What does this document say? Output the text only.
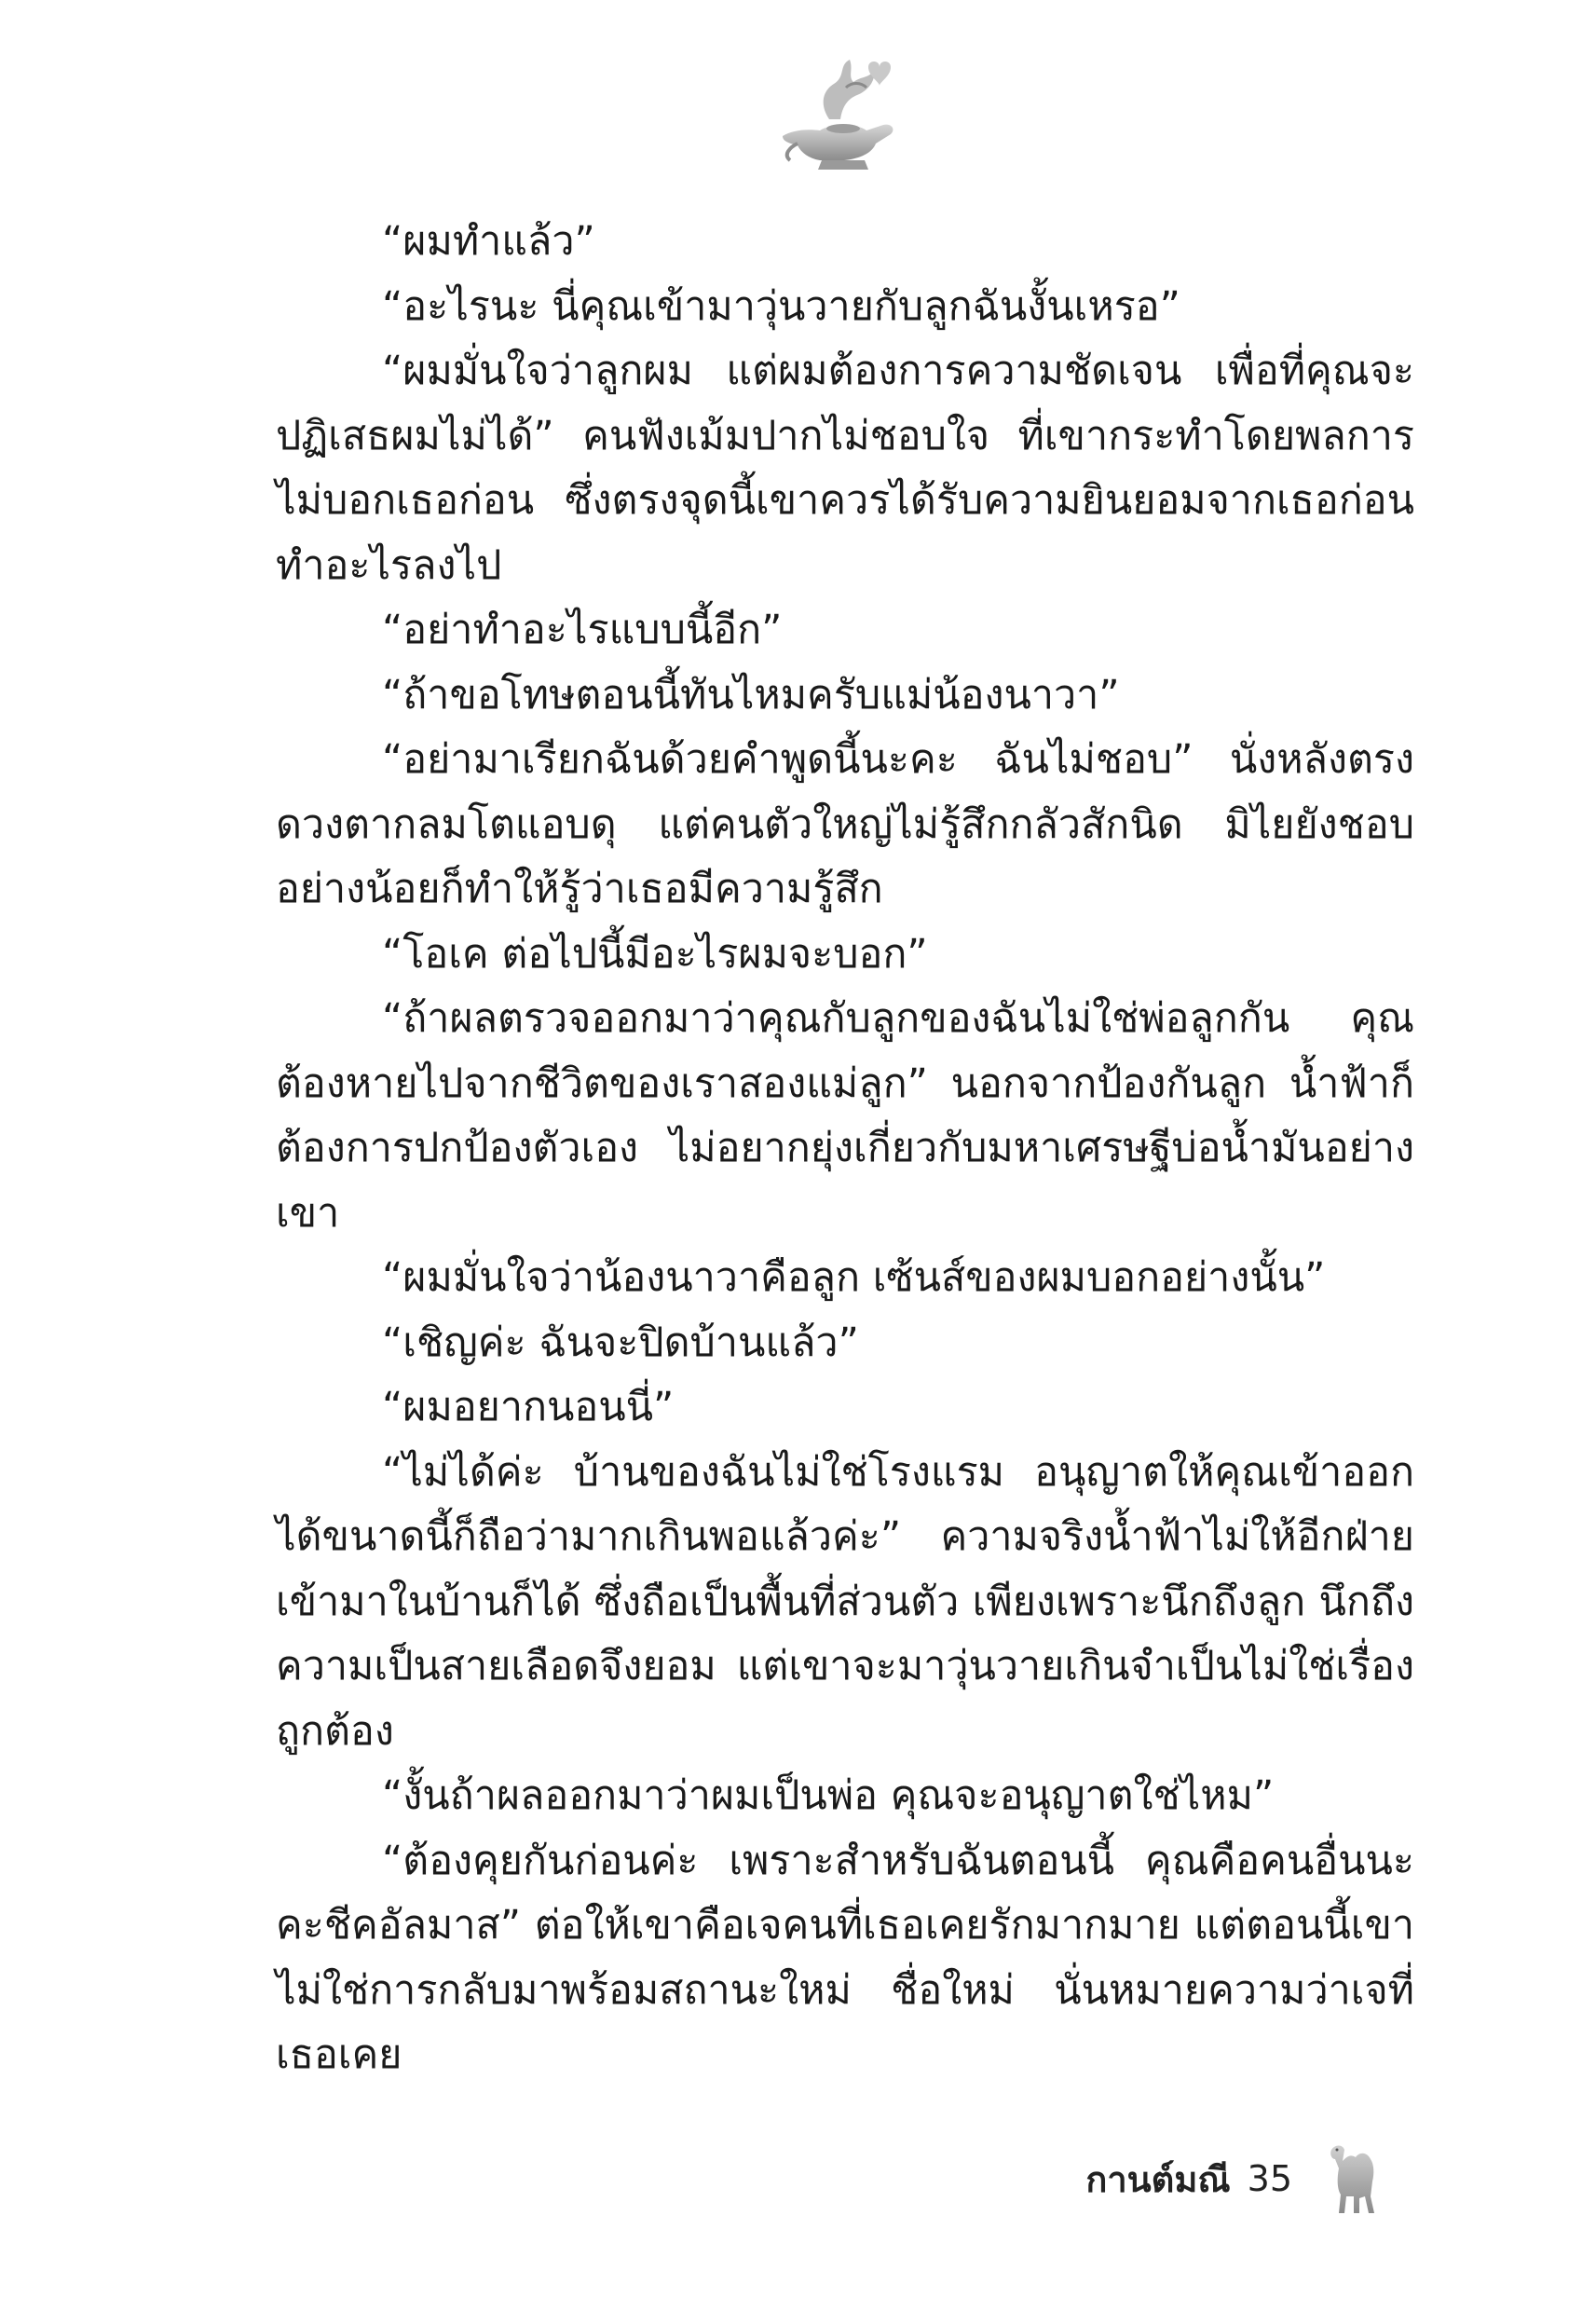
“ผมทำแล้ว”

“อะไรนะ นี่คุณเข้ามาวุ่นวายกับลูกฉันงั้นเหรอ”

“ผมมั่นใจว่าลูกผม แต่ผมต้องการความชัดเจน เพื่อที่คุณจะปฏิเสธผมไม่ได้” คนฟังเม้มปากไม่ชอบใจ ที่เขากระทำโดยพลการไม่บอกเธอก่อน ซึ่งตรงจุดนี้เขาควรได้รับความยินยอมจากเธอก่อนทำอะไรลงไป

“อย่าทำอะไรแบบนี้อีก”

“ถ้าขอโทษตอนนี้ทันไหมครับแม่น้องนาวา”

“อย่ามาเรียกฉันด้วยคำพูดนี้นะคะ ฉันไม่ชอบ” นั่งหลังตรงดวงตากลมโตแอบดุ แต่คนตัวใหญ่ไม่รู้สึกกลัวสักนิด มิไยยังชอบอย่างน้อยก็ทำให้รู้ว่าเธอมีความรู้สึก

“โอเค ต่อไปนี้มีอะไรผมจะบอก”

“ถ้าผลตรวจออกมาว่าคุณกับลูกของฉันไม่ใช่พ่อลูกกัน คุณต้องหายไปจากชีวิตของเราสองแม่ลูก” นอกจากป้องกันลูก น้ำฟ้าก็ต้องการปกป้องตัวเอง ไม่อยากยุ่งเกี่ยวกับมหาเศรษฐีบ่อน้ำมันอย่างเขา

“ผมมั่นใจว่าน้องนาวาคือลูก เซ้นส์ของผมบอกอย่างนั้น”

“เชิญค่ะ ฉันจะปิดบ้านแล้ว”

“ผมอยากนอนนี่”

“ไม่ได้ค่ะ บ้านของฉันไม่ใช่โรงแรม อนุญาตให้คุณเข้าออกได้ขนาดนี้ก็ถือว่ามากเกินพอแล้วค่ะ” ความจริงน้ำฟ้าไม่ให้อีกฝ่ายเข้ามาในบ้านก็ได้ ซึ่งถือเป็นพื้นที่ส่วนตัว เพียงเพราะนึกถึงลูก นึกถึงความเป็นสายเลือดจึงยอม แต่เขาจะมาวุ่นวายเกินจำเป็นไม่ใช่เรื่องถูกต้อง

“งั้นถ้าผลออกมาว่าผมเป็นพ่อ คุณจะอนุญาตใช่ไหม”

“ต้องคุยกันก่อนค่ะ เพราะสำหรับฉันตอนนี้ คุณคือคนอื่นนะคะชีคอัลมาส” ต่อให้เขาคือเจคนที่เธอเคยรักมากมาย แต่ตอนนี้เขาไม่ใช่การกลับมาพร้อมสถานะใหม่ ชื่อใหม่ นั่นหมายความว่าเจที่เธอเคย

กานต์มณี 35
